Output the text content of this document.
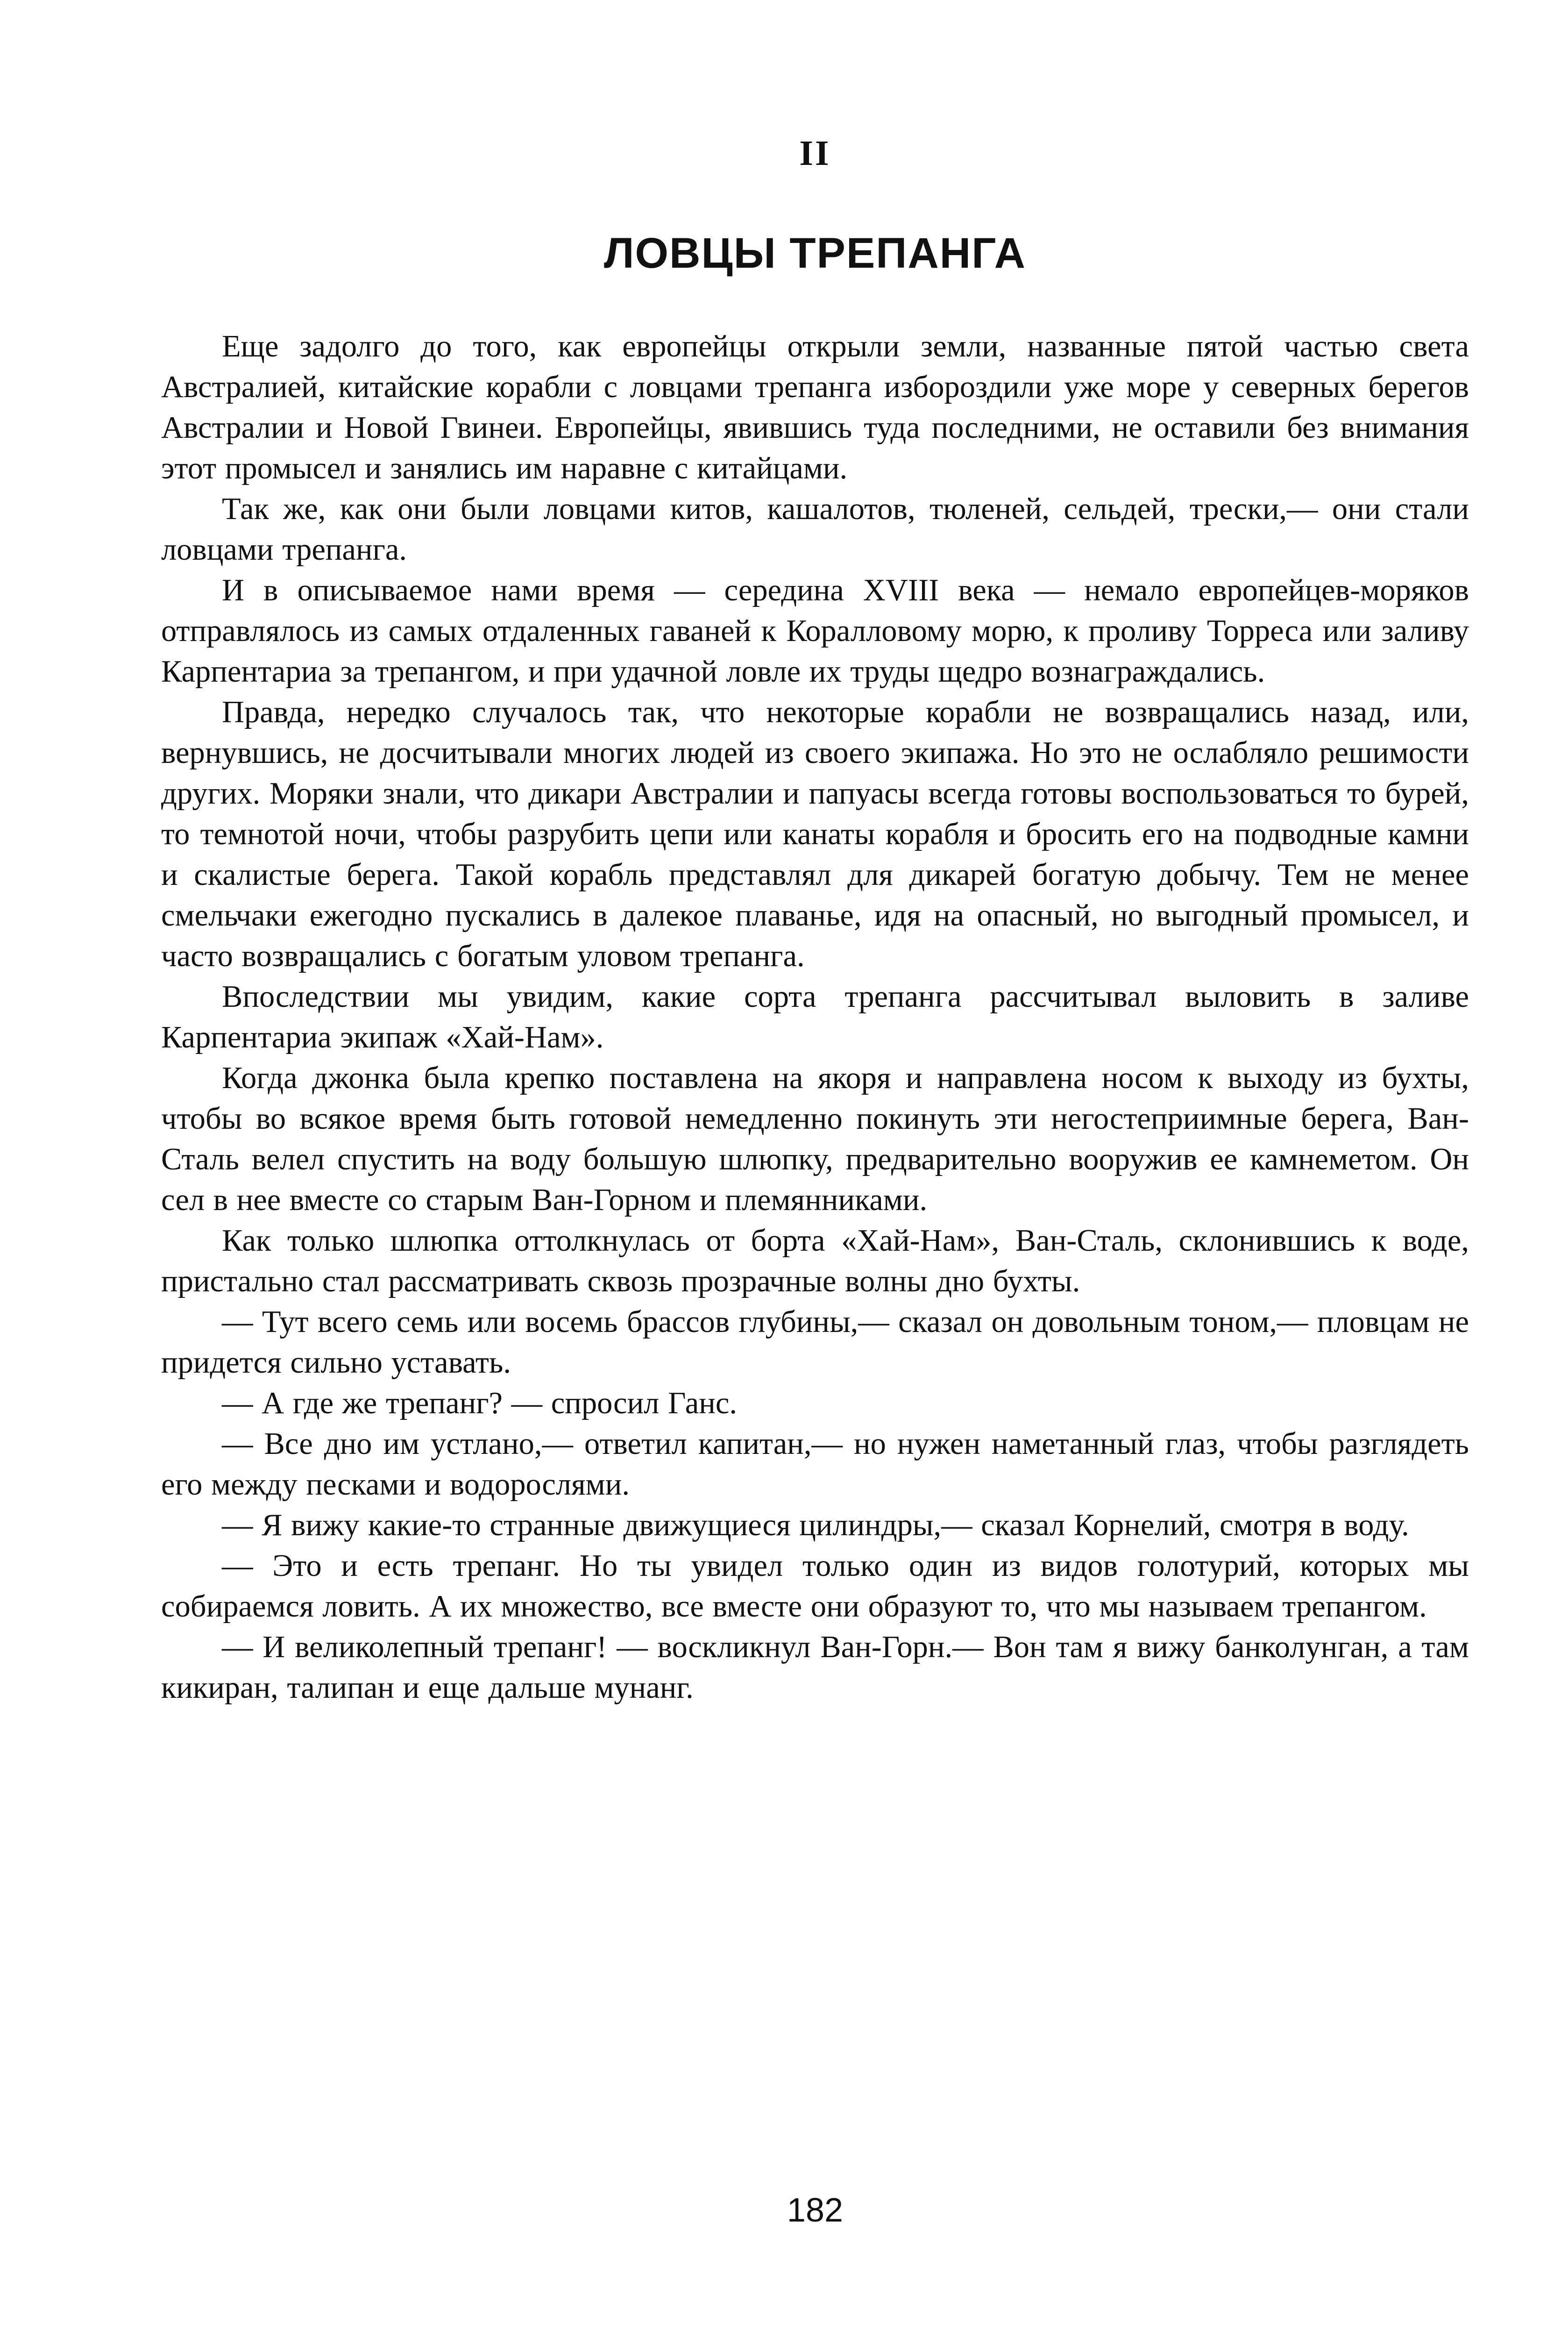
II
ЛОВЦЫ ТРЕПАНГА

Еще задолго до того, как европейцы открыли земли, названные пятой частью света Австралией, китайские корабли с ловцами трепанга избороздили уже море у северных берегов Австралии и Новой Гвинеи. Европейцы, явившись туда последними, не оставили без внимания этот промысел и занялись им наравне с китайцами.

Так же, как они были ловцами китов, кашалотов, тюленей, сельдей, трески,— они стали ловцами трепанга.

И в описываемое нами время — середина XVIII века — немало европейцев-моряков отправлялось из самых отдаленных гаваней к Коралловому морю, к проливу Торреса или заливу Карпентариа за трепангом, и при удачной ловле их труды щедро вознаграждались.

Правда, нередко случалось так, что некоторые корабли не возвращались назад, или, вернувшись, не досчитывали многих людей из своего экипажа. Но это не ослабляло решимости других. Моряки знали, что дикари Австралии и папуасы всегда готовы воспользоваться то бурей, то темнотой ночи, чтобы разрубить цепи или канаты корабля и бросить его на подводные камни и скалистые берега. Такой корабль представлял для дикарей богатую добычу. Тем не менее смельчаки ежегодно пускались в далекое плаванье, идя на опасный, но выгодный промысел, и часто возвращались с богатым уловом трепанга.

Впоследствии мы увидим, какие сорта трепанга рассчитывал выловить в заливе Карпентариа экипаж «Хай-Нам».

Когда джонка была крепко поставлена на якоря и направлена носом к выходу из бухты, чтобы во всякое время быть готовой немедленно покинуть эти негостеприимные берега, Ван-Сталь велел спустить на воду большую шлюпку, предварительно вооружив ее камнеметом. Он сел в нее вместе со старым Ван-Горном и племянниками.

Как только шлюпка оттолкнулась от борта «Хай-Нам», Ван-Сталь, склонившись к воде, пристально стал рассматривать сквозь прозрачные волны дно бухты.

— Тут всего семь или восемь брассов глубины,— сказал он довольным тоном,— пловцам не придется сильно уставать.

— А где же трепанг? — спросил Ганс.

— Все дно им устлано,— ответил капитан,— но нужен наметанный глаз, чтобы разглядеть его между песками и водорослями.

— Я вижу какие-то странные движущиеся цилиндры,— сказал Корнелий, смотря в воду.

— Это и есть трепанг. Но ты увидел только один из видов голотурий, которых мы собираемся ловить. А их множество, все вместе они образуют то, что мы называем трепангом.

— И великолепный трепанг! — воскликнул Ван-Горн.— Вон там я вижу банколунган, а там кикиран, талипан и еще дальше мунанг.

182
